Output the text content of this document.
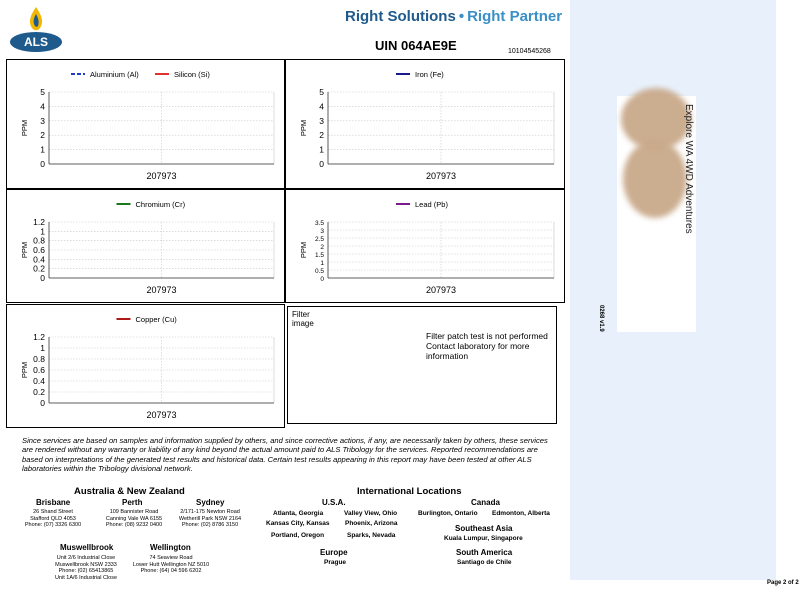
ALS
Right Solutions • Right Partner
UIN 064AE9E	10104545268
Explore WA 4WD Adventures
0268 v1.9
Aluminium (Al)	Silicon (Si)
5
4
3
2
1
0
PPM
207973
Iron (Fe)
5
4
3
2
1
0
PPM
207973
Chromium (Cr)
1.2
1
0.8
0.6
0.4
0.2
0
PPM
207973
Lead (Pb)
3.5
3
2.5
2
1.5
1
0.5
0
PPM
207973
Copper (Cu)
1.2
1
0.8
0.6
0.4
0.2
0
PPM
207973
Filter image
Filter patch test is not performed Contact laboratory for more information
Since services are based on samples and information supplied by others, and since corrective actions, if any, are necessarily taken by others, these services are rendered without any warranty or liability of any kind beyond the actual amount paid to ALS Tribology for the services. Reported recommendations are based on interpretations of the generated test results and historical data. Certain test results appearing in this report may have been tested at other ALS laboratories within the Tribology divisional network.
Australia & New Zealand
Brisbane
26 Shand Street
Stafford QLD 4053
Phone: (07) 3326 6300
Perth
109 Bannister Road
Canning Vale WA 6155
Phone: (08) 9232 0400
Sydney
2/171-175 Newton Road
Wetherill Park NSW 2164
Phone: (02) 8786 3150
Muswellbrook
Unit 2/6 Industrial Close
Muswellbrook NSW 2333
Phone: (02) 65413865
Unit 1A/6 Industrial Close
Wellington
74 Seaview Road
Lower Hutt Wellington NZ 5010
Phone: (64) 04 596 6202
International Locations
U.S.A.
Atlanta, Georgia	Valley View, Ohio
Kansas City, Kansas Phoenix, Arizona
Portland, Oregon	Sparks, Nevada
Canada
Burlington, Ontario Edmonton, Alberta
Southeast Asia
Kuala Lumpur, Singapore
Europe
Prague
South America
Santiago de Chile
Page 2 of 2
